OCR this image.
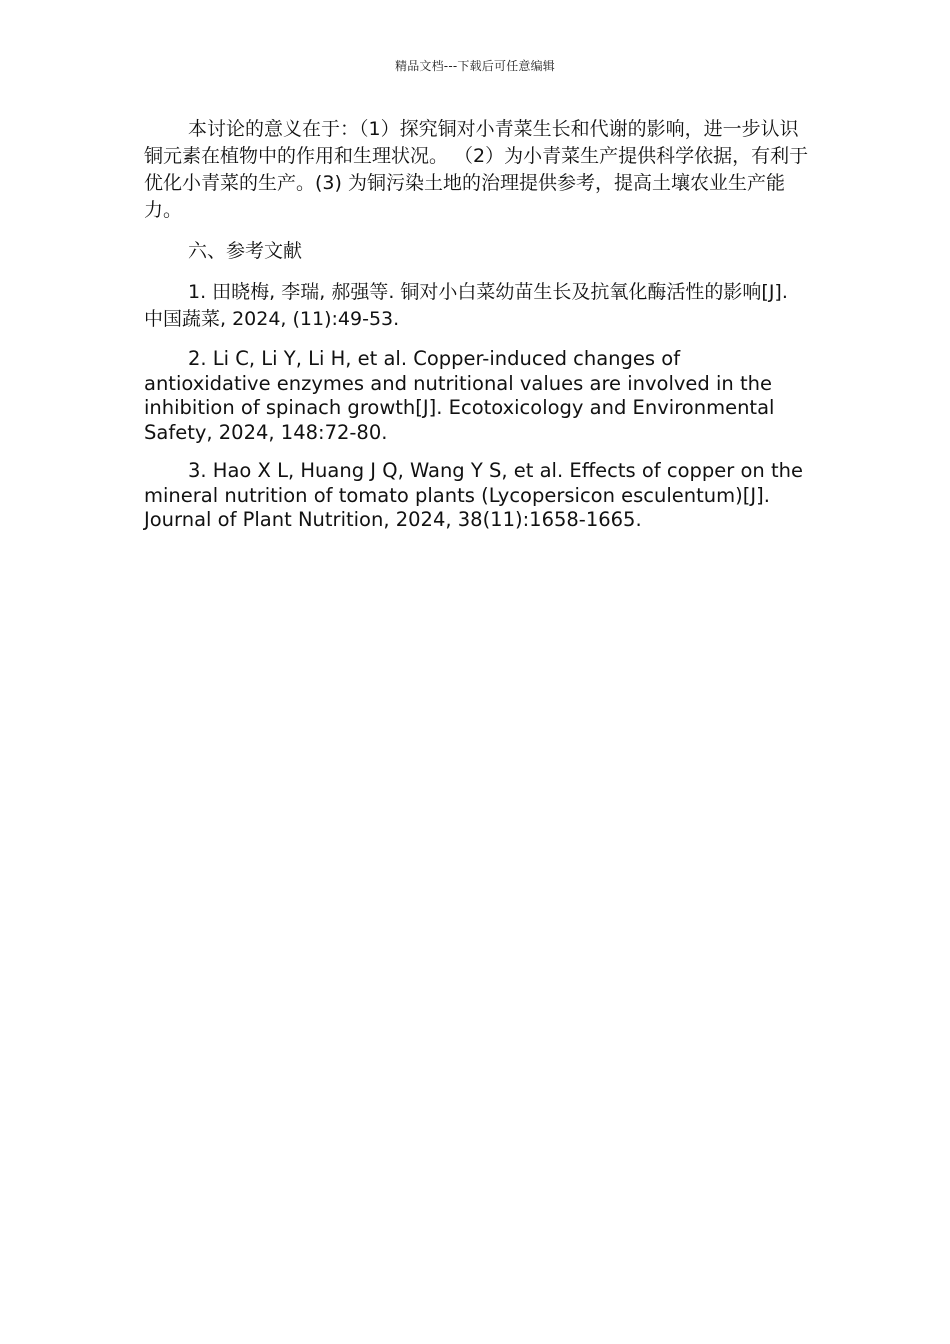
精品文档---下载后可任意编辑

本讨论的意义在于：（1）探究铜对小青菜生长和代谢的影响，进一步认识铜元素在植物中的作用和生理状况。 （2）为小青菜生产提供科学依据，有利于优化小青菜的生产。(3) 为铜污染土地的治理提供参考，提高土壤农业生产能力。

六、参考文献

1. 田晓梅, 李瑞, 郝强等. 铜对小白菜幼苗生长及抗氧化酶活性的影响[J]. 中国蔬菜, 2024, (11):49-53.

2. Li C, Li Y, Li H, et al. Copper-induced changes of antioxidative enzymes and nutritional values are involved in the inhibition of spinach growth[J]. Ecotoxicology and Environmental Safety, 2024, 148:72-80.

3. Hao X L, Huang J Q, Wang Y S, et al. Effects of copper on the mineral nutrition of tomato plants (Lycopersicon esculentum)[J]. Journal of Plant Nutrition, 2024, 38(11):1658-1665.
